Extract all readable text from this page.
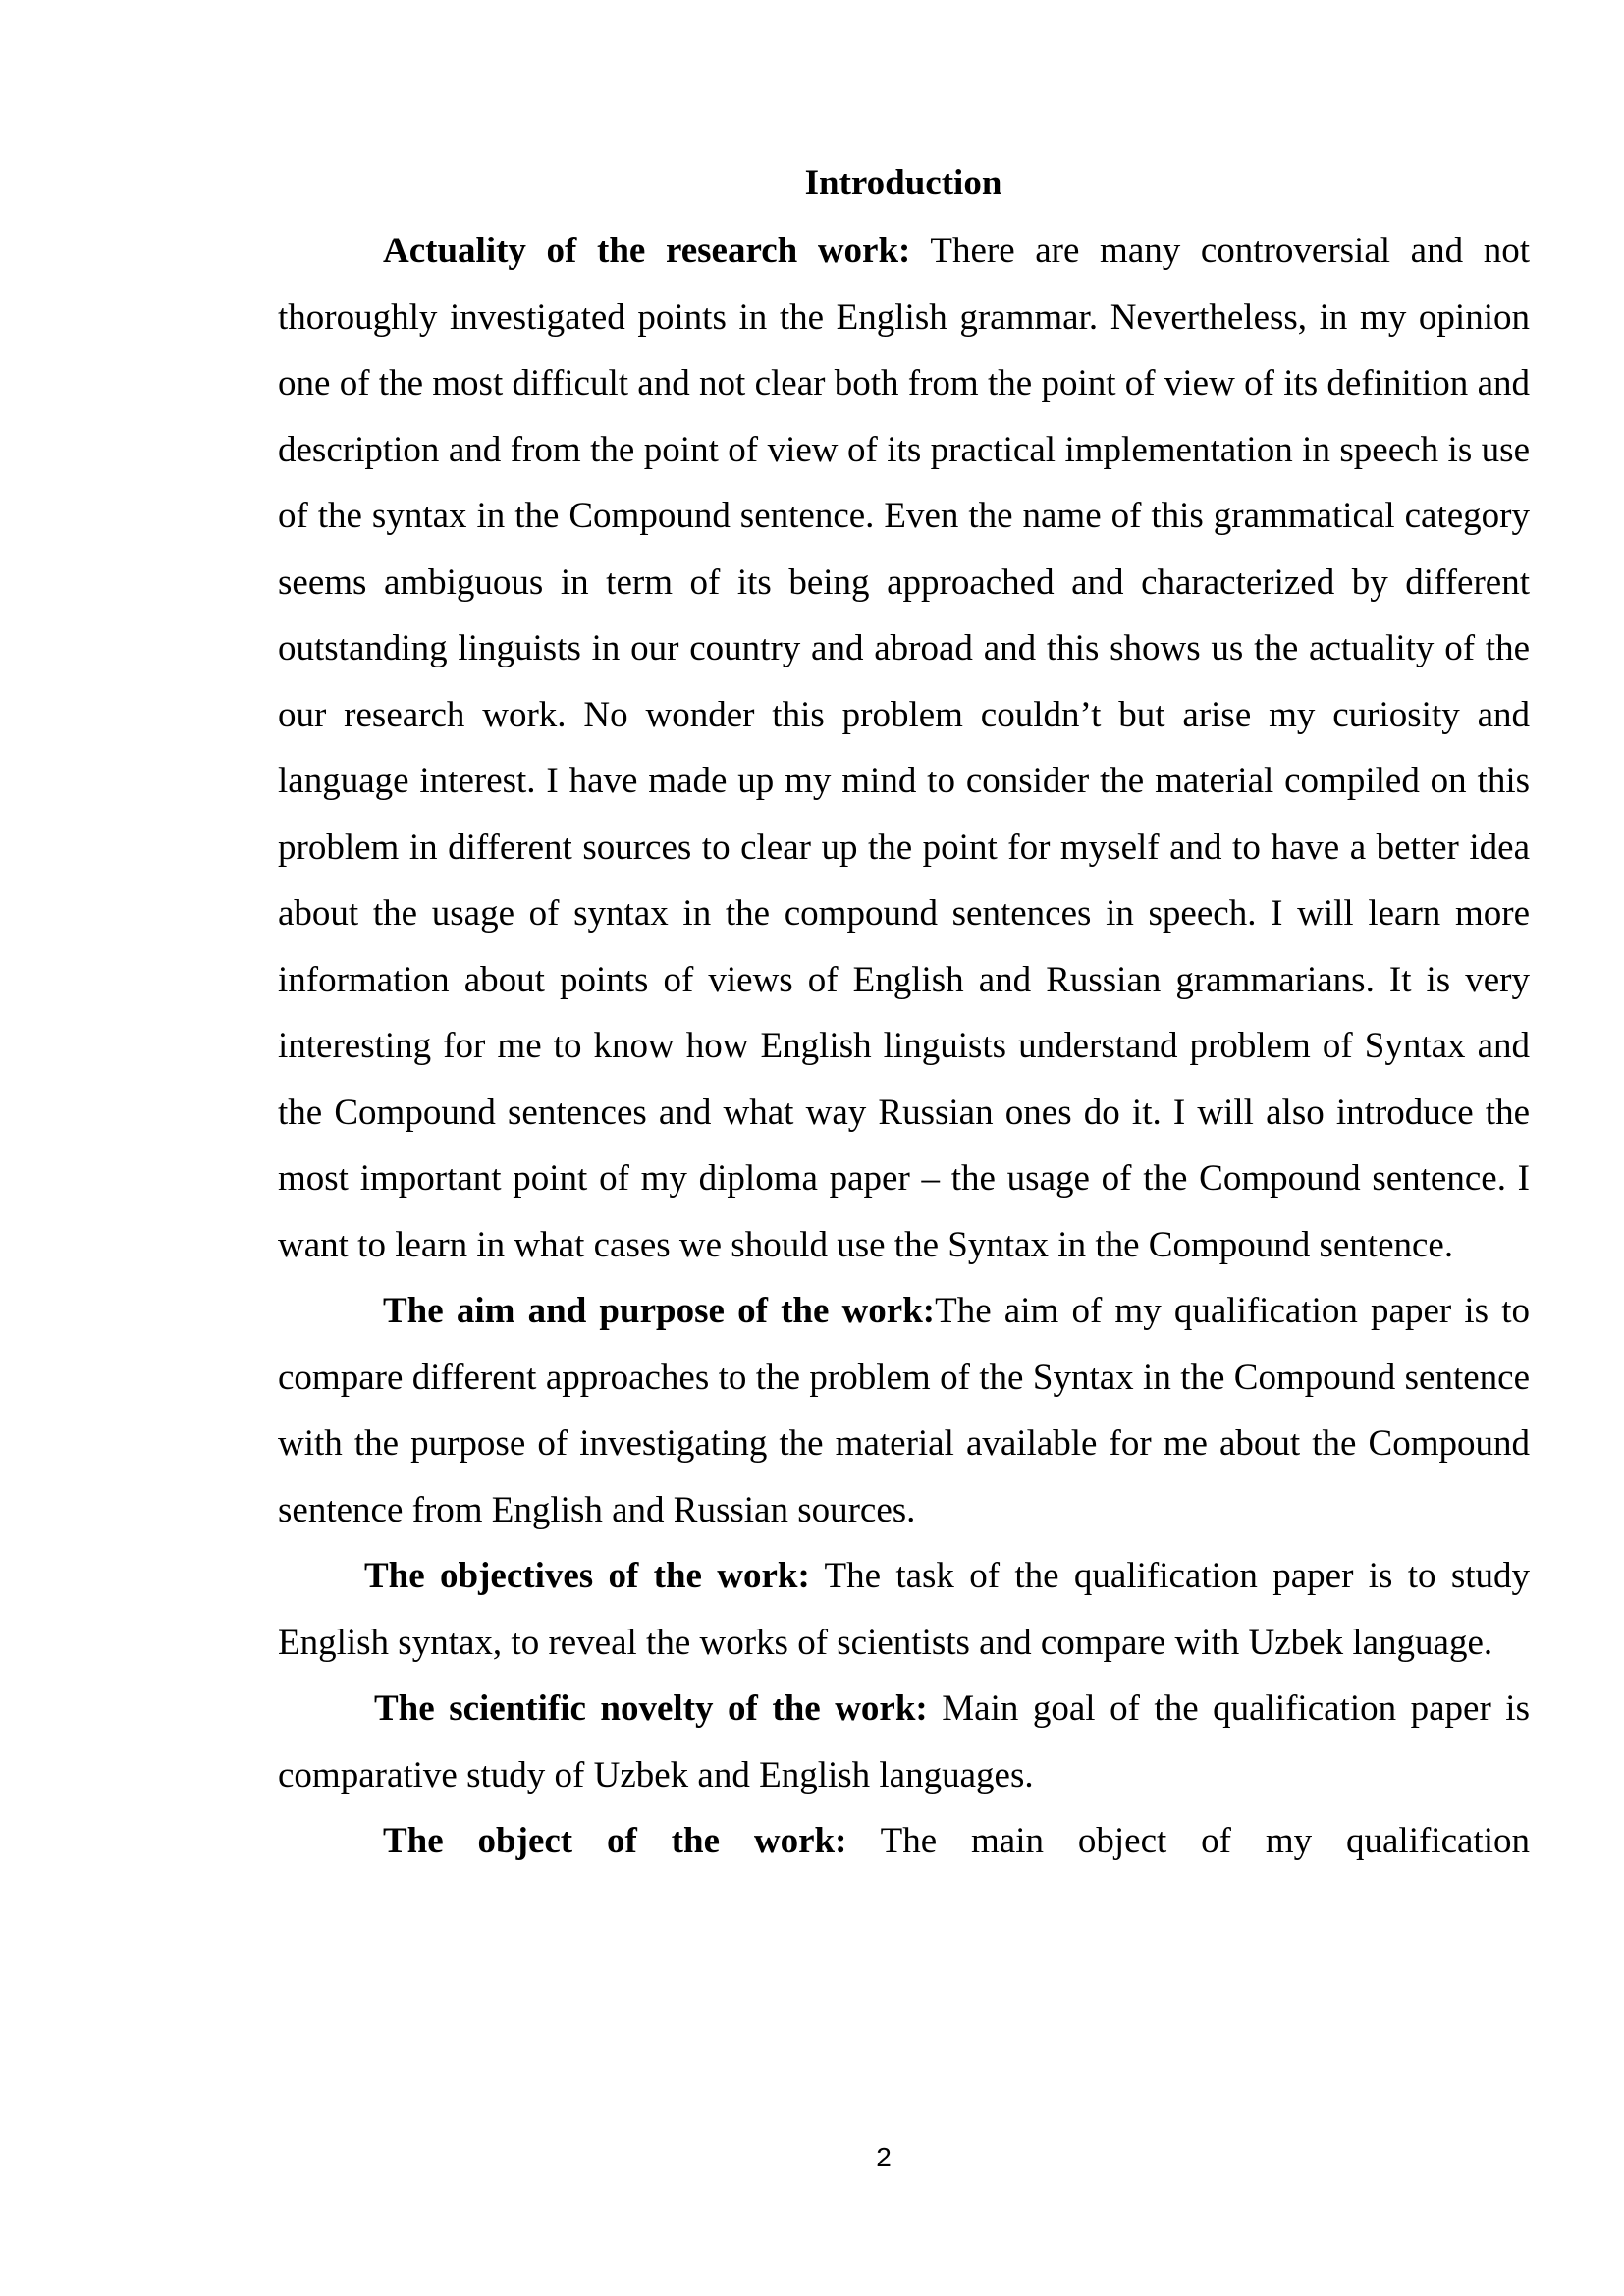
Introduction

Actuality of the research work: There are many controversial and not thoroughly investigated points in the English grammar. Nevertheless, in my opinion one of the most difficult and not clear both from the point of view of its definition and description and from the point of view of its practical implementation in speech is use of the syntax in the Compound sentence. Even the name of this grammatical category seems ambiguous in term of its being approached and characterized by different outstanding linguists in our country and abroad and this shows us the actuality of the our research work. No wonder this problem couldn’t but arise my curiosity and language interest. I have made up my mind to consider the material compiled on this problem in different sources to clear up the point for myself and to have a better idea about the usage of syntax in the compound sentences in speech. I will learn more information about points of views of English and Russian grammarians. It is very interesting for me to know how English linguists understand problem of Syntax and the Compound sentences and what way Russian ones do it. I will also introduce the most important point of my diploma paper – the usage of the Compound sentence. I want to learn in what cases we should use the Syntax in the Compound sentence.

The aim and purpose of the work:The aim of my qualification paper is to compare different approaches to the problem of the Syntax in the Compound sentence with the purpose of investigating the material available for me about the Compound sentence from English and Russian sources.

The objectives of the work: The task of the qualification paper is to study English syntax, to reveal the works of scientists and compare with Uzbek language.

The scientific novelty of the work: Main goal of the qualification paper is comparative study of Uzbek and English languages.

The object of the work: The main object of my qualification

2
